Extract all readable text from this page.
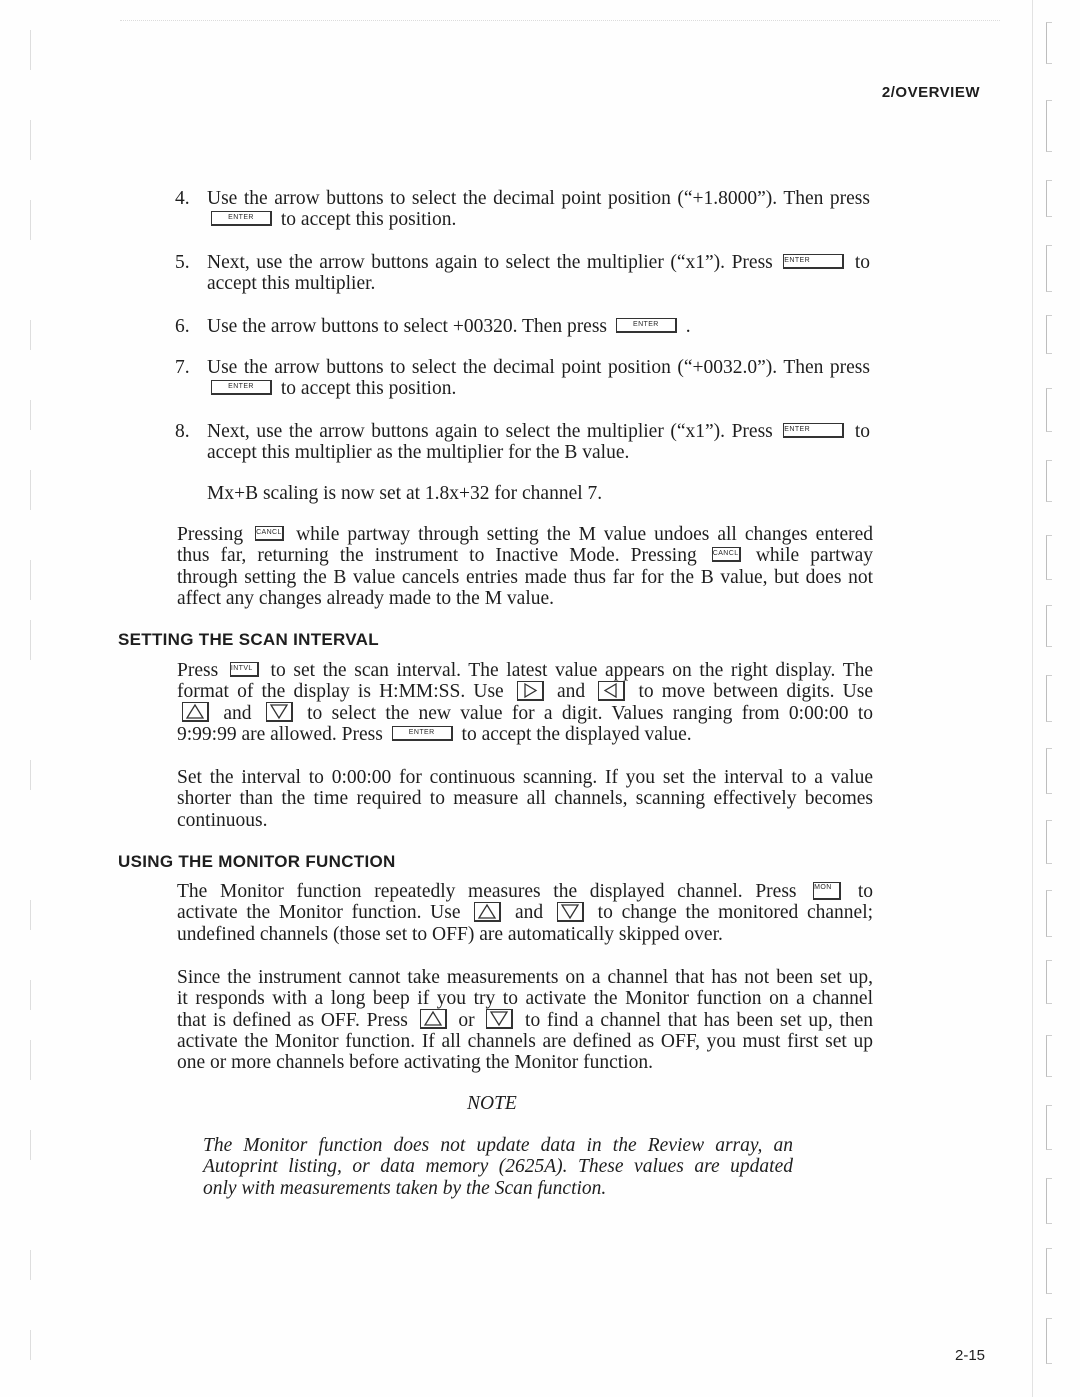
2/OVERVIEW
4. Use the arrow buttons to select the decimal point position (“+1.8000”). Then press
ENTER to accept this position.
5. Next, use the arrow buttons again to select the multiplier (“x1”). Press ENTER to
accept this multiplier.
6. Use the arrow buttons to select +00320. Then press	ENTER .
7. Use the arrow buttons to select the decimal point position (“+0032.0”). Then press
ENTER to accept this position.
8. Next, use the arrow buttons again to select the multiplier (“x1”). Press ENTER to
accept this multiplier as the multiplier for the B value.
Mx+B scaling is now set at 1.8x+32 for channel 7.
Pressing CANCL while partway through setting the M value undoes all changes entered
thus far, returning the instrument to Inactive Mode. Pressing CANCL while partway
through setting the B value cancels entries made thus far for the B value, but does not
affect any changes already made to the M value.
SETTING THE SCAN INTERVAL
Press INTVL to set the scan interval. The latest value appears on the right display. The
format of the display is H:MM:SS. Use	and	to move between digits. Use
and	to select the new value for a digit. Values ranging from 0:00:00 to
9:99:99 are allowed. Press	ENTER to accept the displayed value.
Set the interval to 0:00:00 for continuous scanning. If you set the interval to a value
shorter than the time required to measure all channels, scanning effectively becomes
continuous.
USING THE MONITOR FUNCTION
The Monitor function repeatedly measures the displayed channel. Press	MON to
activate the Monitor function. Use	and	to change the monitored channel;
undefined channels (those set to OFF) are automatically skipped over.
Since the instrument cannot take measurements on a channel that has not been set up,
it responds with a long beep if you try to activate the Monitor function on a channel
that is defined as OFF. Press	or	to find a channel that has been set up, then
activate the Monitor function. If all channels are defined as OFF, you must first set up
one or more channels before activating the Monitor function.
NOTE
The Monitor function does not update data in the Review array, an
Autoprint listing, or data memory (2625A). These values are updated
only with measurements taken by the Scan function.
2-15
